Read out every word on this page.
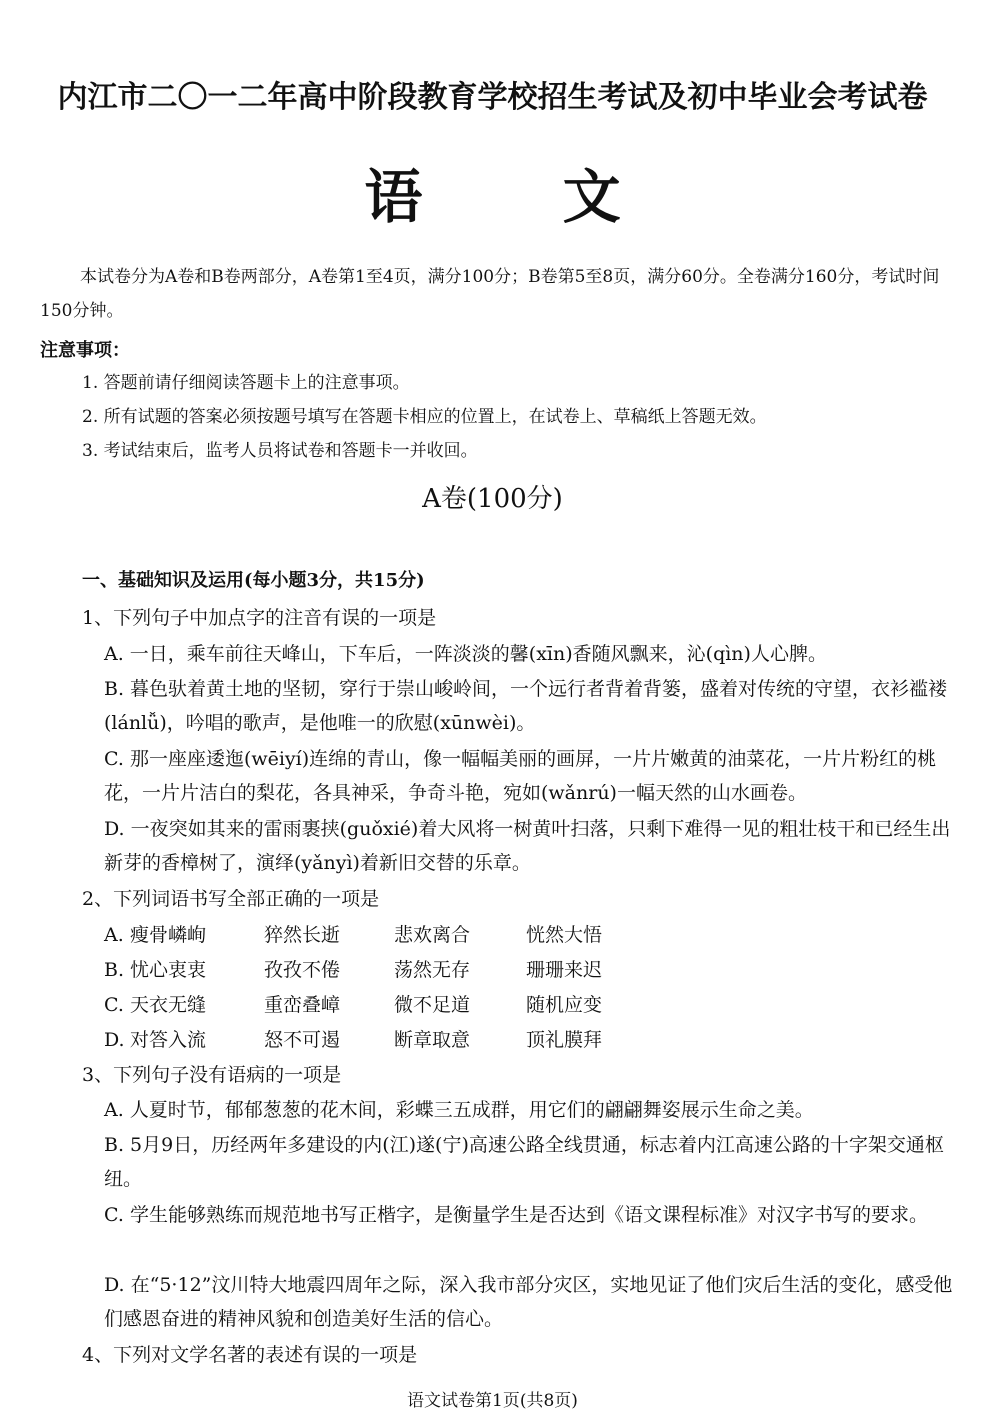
内江市二〇一二年高中阶段教育学校招生考试及初中毕业会考试卷
语 文
本试卷分为A卷和B卷两部分，A卷第1至4页，满分100分；B卷第5至8页，满分60分。全卷满分160分，考试时间150分钟。
注意事项：
1. 答题前请仔细阅读答题卡上的注意事项。
2. 所有试题的答案必须按题号填写在答题卡相应的位置上，在试卷上、草稿纸上答题无效。
3. 考试结束后，监考人员将试卷和答题卡一并收回。
A卷(100分)
一、基础知识及运用(每小题3分，共15分)
1、下列句子中加点字的注音有误的一项是
A. 一日，乘车前往天峰山，下车后，一阵淡淡的馨(xīn)香随风飘来，沁(qìn)人心脾。
B. 暮色驮着黄土地的坚韧，穿行于崇山峻岭间，一个远行者背着背篓，盛着对传统的守望，衣衫褴褛(lánlǚ)，吟唱的歌声，是他唯一的欣慰(xūnwèi)。
C. 那一座座逶迤(wēiyí)连绵的青山，像一幅幅美丽的画屏，一片片嫩黄的油菜花，一片片粉红的桃花，一片片洁白的梨花，各具神采，争奇斗艳，宛如(wǎnrú)一幅天然的山水画卷。
D. 一夜突如其来的雷雨裹挟(guǒxié)着大风将一树黄叶扫落，只剩下难得一见的粗壮枝干和已经生出新芽的香樟树了，演绎(yǎnyì)着新旧交替的乐章。
2、下列词语书写全部正确的一项是
A. 瘦骨嶙峋	猝然长逝	悲欢离合	恍然大悟
B. 忧心衷衷	孜孜不倦	荡然无存	珊珊来迟
C. 天衣无缝	重峦叠嶂	微不足道	随机应变
D. 对答入流	怒不可遏	断章取意	顶礼膜拜
3、下列句子没有语病的一项是
A. 人夏时节，郁郁葱葱的花木间，彩蝶三五成群，用它们的翩翩舞姿展示生命之美。
B. 5月9日，历经两年多建设的内(江)遂(宁)高速公路全线贯通，标志着内江高速公路的十字架交通枢纽。
C. 学生能够熟练而规范地书写正楷字，是衡量学生是否达到《语文课程标准》对汉字书写的要求。
D. 在“5·12”汶川特大地震四周年之际，深入我市部分灾区，实地见证了他们灾后生活的变化，感受他们感恩奋进的精神风貌和创造美好生活的信心。
4、下列对文学名著的表述有误的一项是
语文试卷第1页(共8页)
